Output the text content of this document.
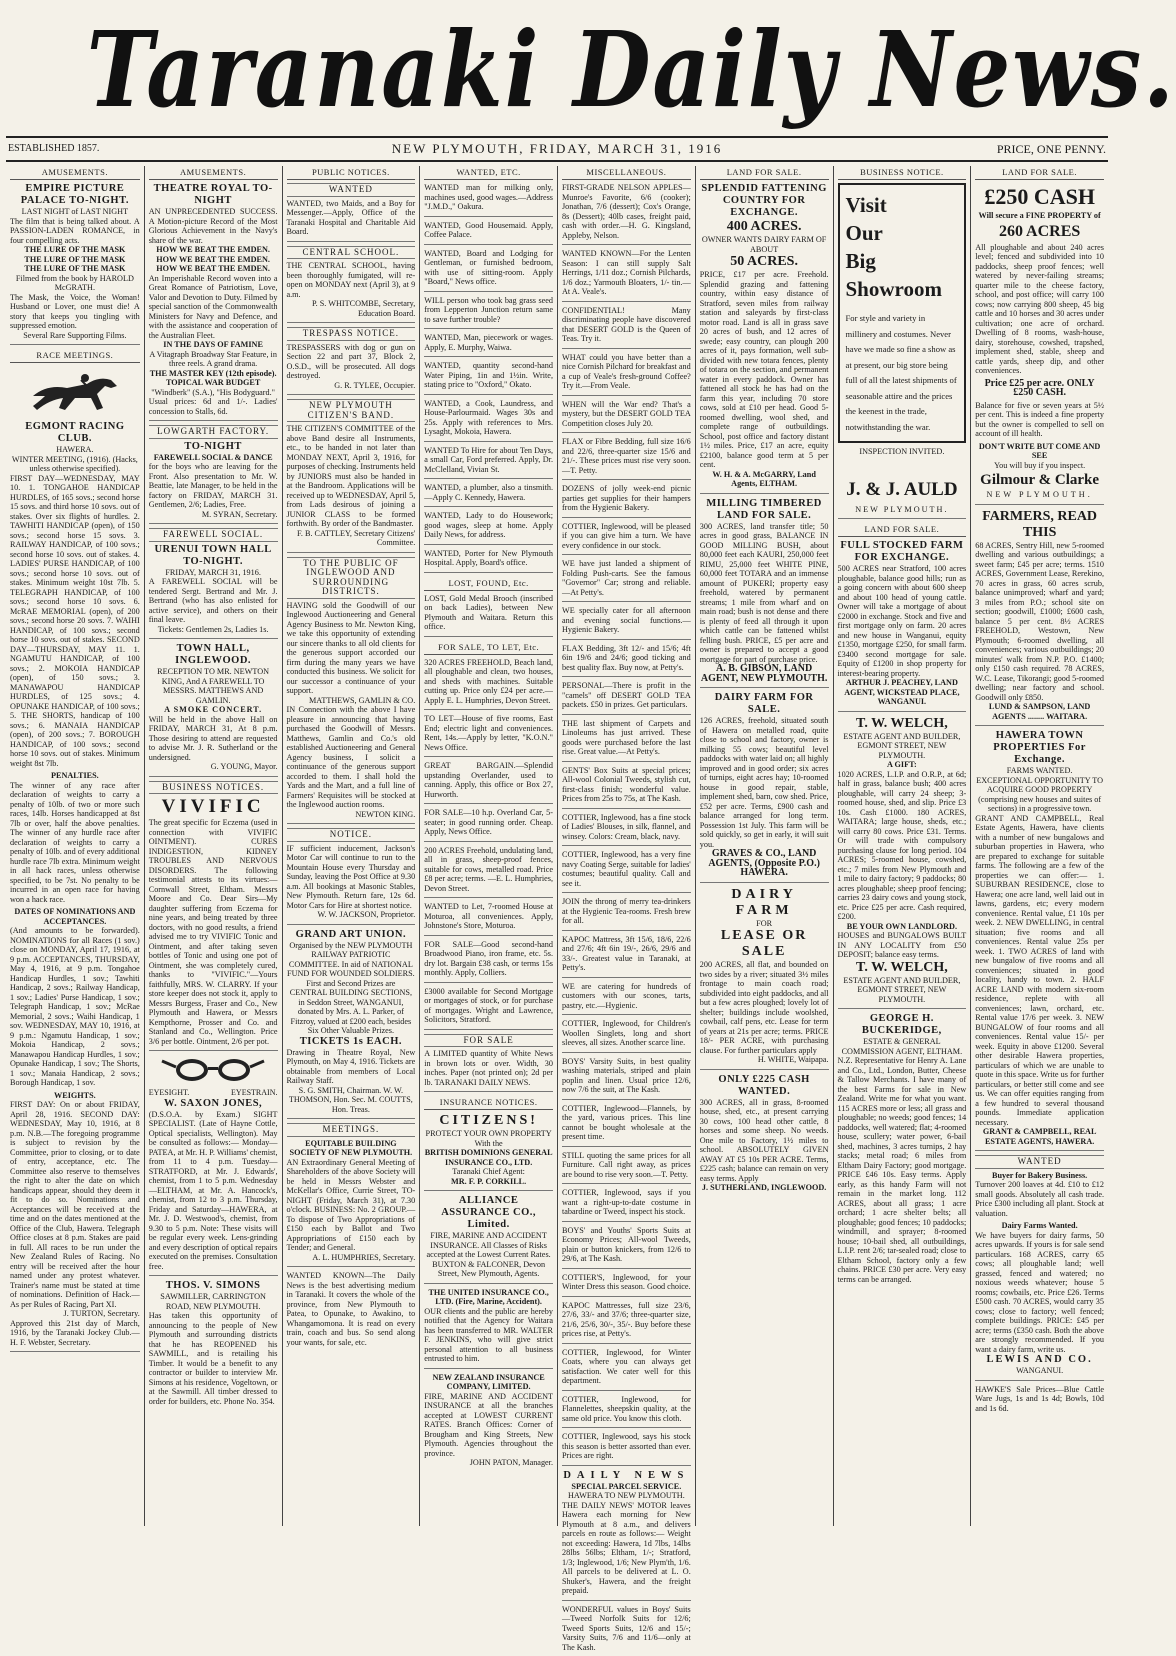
Taranaki Daily News.
ESTABLISHED 1857.	NEW PLYMOUTH, FRIDAY, MARCH 31, 1916	PRICE, ONE PENNY.
AMUSEMENTS.
EMPIRE PICTURE PALACE TO-NIGHT.
LAST NIGHT of LAST NIGHT
The film that is being talked about. A PASSION-LADEN ROMANCE, in four compelling acts.
THE LURE OF THE MASK
THE LURE OF THE MASK
THE LURE OF THE MASK
Filmed from the book by HAROLD McGRATH.
The Mask, the Voice, the Woman! Husband or Lover, one must die! A story that keeps you tingling with suppressed emotion.
Several Rare Supporting Films.
RACE MEETINGS.
EGMONT RACING CLUB.
HAWERA.
WINTER MEETING, (1916). (Hacks, unless otherwise specified).
FIRST DAY—WEDNESDAY, MAY 10. 1. TONGAHOE HANDICAP HURDLES, of 165 sovs.; second horse 15 sovs. and third horse 10 sovs. out of stakes. Over six flights of hurdles. 2. TAWHITI HANDICAP (open), of 150 sovs.; second horse 15 sovs. 3. RAILWAY HANDICAP, of 100 sovs.; second horse 10 sovs. out of stakes. 4. LADIES' PURSE HANDICAP, of 100 sovs.; second horse 10 sovs. out of stakes. Minimum weight 10st 7lb. 5. TELEGRAPH HANDICAP, of 100 sovs.; second horse 10 sovs. 6. McRAE MEMORIAL (open), of 200 sovs.; second horse 20 sovs. 7. WAIHI HANDICAP, of 100 sovs.; second horse 10 sovs. out of stakes. SECOND DAY—THURSDAY, MAY 11. 1. NGAMUTU HANDICAP, of 100 sovs.; 2. MOKOIA HANDICAP (open), of 150 sovs.; 3. MANAWAPOU HANDICAP HURDLES, of 125 sovs.; 4. OPUNAKE HANDICAP, of 100 sovs.; 5. THE SHORTS, handicap of 100 sovs.; 6. MANAIA HANDICAP (open), of 200 sovs.; 7. BOROUGH HANDICAP, of 100 sovs.; second horse 10 sovs. out of stakes. Minimum weight 8st 7lb.
PENALTIES.
The winner of any race after declaration of weights to carry a penalty of 10lb. of two or more such races, 14lb. Horses handicapped at 8st 7lb or over, half the above penalties. The winner of any hurdle race after declaration of weights to carry a penalty of 10lb. and of every additional hurdle race 7lb extra. Minimum weight in all hack races, unless otherwise specified, to be 7st. No penalty to be incurred in an open race for having won a hack race.
DATES OF NOMINATIONS AND ACCEPTANCES.
(And amounts to be forwarded). NOMINATIONS for all Races (1 sov.) close on MONDAY, April 17, 1916, at 9 p.m. ACCEPTANCES, THURSDAY, May 4, 1916, at 9 p.m. Tongahoe Handicap Hurdles, 1 sov.; Tawhiti Handicap, 2 sovs.; Railway Handicap, 1 sov.; Ladies' Purse Handicap, 1 sov.; Telegraph Handicap, 1 sov.; McRae Memorial, 2 sovs.; Waihi Handicap, 1 sov. WEDNESDAY, MAY 10, 1916, at 9 p.m.: Ngamutu Handicap, 1 sov.; Mokoia Handicap, 2 sovs.; Manawapou Handicap Hurdles, 1 sov.; Opunake Handicap, 1 sov.; The Shorts, 1 sov.; Manaia Handicap, 2 sovs.; Borough Handicap, 1 sov.
WEIGHTS.
FIRST DAY: On or about FRIDAY, April 28, 1916. SECOND DAY: WEDNESDAY, May 10, 1916, at 8 p.m. N.B.—The foregoing programme is subject to revision by the Committee, prior to closing, or to date of entry, acceptance, etc. The Committee also reserve to themselves the right to alter the date on which handicaps appear, should they deem it fit to do so. Nominations and Acceptances will be received at the time and on the dates mentioned at the Office of the Club, Hawera. Telegraph Office closes at 8 p.m. Stakes are paid in full. All races to be run under the New Zealand Rules of Racing. No entry will be received after the hour named under any protest whatever. Trainer's name must be stated at time of nominations. Definition of Hack.—As per Rules of Racing, Part XI.
J. TURTON, Secretary.
Approved this 21st day of March, 1916, by the Taranaki Jockey Club.—H. F. Webster, Secretary.
AMUSEMENTS.
THEATRE ROYAL TO-NIGHT
AN UNPRECEDENTED SUCCESS. A Motion-picture Record of the Most Glorious Achievement in the Navy's share of the war.
HOW WE BEAT THE EMDEN.
HOW WE BEAT THE EMDEN.
HOW WE BEAT THE EMDEN.
An Imperishable Record woven into a Great Romance of Patriotism, Love, Valor and Devotion to Duty. Filmed by special sanction of the Commonwealth Ministers for Navy and Defence, and with the assistance and cooperation of the Australian Fleet.
IN THE DAYS OF FAMINE
A Vitagraph Broadway Star Feature, in three reels. A grand drama.
THE MASTER KEY (12th episode).
TOPICAL WAR BUDGET
"Windberk" (S.A.), "His Bodyguard."
Usual prices: 6d and 1/-. Ladies' concession to Stalls, 6d.
LOWGARTH FACTORY.
TO-NIGHT
FAREWELL SOCIAL & DANCE
for the boys who are leaving for the Front. Also presentation to Mr. W. Beattie, late Manager, to be held in the factory on FRIDAY, MARCH 31. Gentlemen, 2/6; Ladies, Free.
M. SYRAN, Secretary.
FAREWELL SOCIAL.
URENUI TOWN HALL
TO-NIGHT.
FRIDAY, MARCH 31, 1916.
A FAREWELL SOCIAL will be tendered Sergt. Bertrand and Mr. J. Bertrand (who has also enlisted for active service), and others on their final leave.
Tickets: Gentlemen 2s, Ladies 1s.
TOWN HALL, INGLEWOOD.
RECEPTION TO MR. NEWTON KING, And A FAREWELL TO MESSRS. MATTHEWS AND GAMLIN.
A SMOKE CONCERT.
Will be held in the above Hall on FRIDAY, MARCH 31, At 8 p.m. Those desiring to attend are requested to advise Mr. J. R. Sutherland or the undersigned.
G. YOUNG, Mayor.
BUSINESS NOTICES.
VIVIFIC
The great specific for Eczema (used in connection with VIVIFIC OINTMENT). CURES INDIGESTION, KIDNEY TROUBLES AND NERVOUS DISORDERS. The following testimonial attests to its virtues:— Cornwall Street, Eltham. Messrs Moore and Co. Dear Sirs—My daughter suffering from Eczema for nine years, and being treated by three doctors, with no good results, a friend advised me to try VIVIFIC Tonic and Ointment, and after taking seven bottles of Tonic and using one pot of Ointment, she was completely cured, thanks to "VIVIFIC."—Yours faithfully, MRS. W. CLARRY. If your store keeper does not stock it, apply to Messrs Burgess, Fraser and Co., New Plymouth and Hawera, or Messrs Kempthorne, Prosser and Co. and Stanland and Co., Wellington. Price 3/6 per bottle. Ointment, 2/6 per pot.
EYESIGHT.	EYESTRAIN.
W. SAXON JONES,
(D.S.O.A. by Exam.) SIGHT SPECIALIST. (Late of Hayne Cottle, Optical specialists, Wellington). May be consulted as follows:— Monday—PATEA, at Mr. H. P. Williams' chemist, from 11 to 4 p.m. Tuesday—STRATFORD, at Mr. J. Edwards', chemist, from 1 to 5 p.m. Wednesday—ELTHAM, at Mr. A. Hancock's, chemist, from 12 to 3 p.m. Thursday, Friday and Saturday—HAWERA, at Mr. J. D. Westwood's, chemist, from 9.30 to 5 p.m. Note: These visits will be regular every week. Lens-grinding and every description of optical repairs executed on the premises. Consultation free.
THOS. V. SIMONS
SAWMILLER, CARRINGTON ROAD, NEW PLYMOUTH.
Has taken this opportunity of announcing to the people of New Plymouth and surrounding districts that he has REOPENED his SAWMILL, and is retailing his Timber. It would be a benefit to any contractor or builder to interview Mr. Simons at his residence, Vogeltown, or at the Sawmill. All timber dressed to order for builders, etc. Phone No. 354.
PUBLIC NOTICES.
WANTED
WANTED, two Maids, and a Boy for Messenger.—Apply, Office of the Taranaki Hospital and Charitable Aid Board.
CENTRAL SCHOOL.
THE CENTRAL SCHOOL, having been thoroughly fumigated, will re-open on MONDAY next (April 3), at 9 a.m.
P. S. WHITCOMBE, Secretary, Education Board.
TRESPASS NOTICE.
TRESPASSERS with dog or gun on Section 22 and part 37, Block 2, O.S.D., will be prosecuted. All dogs destroyed.
G. R. TYLEE, Occupier.
NEW PLYMOUTH CITIZEN'S BAND.
THE CITIZEN'S COMMITTEE of the above Band desire all Instruments, etc., to be handed in not later than MONDAY NEXT, April 3, 1916, for purposes of checking. Instruments held by JUNIORS must also be handed in at the Bandroom. Applications will be received up to WEDNESDAY, April 5, from Lads desirous of joining a JUNIOR CLASS to be formed forthwith. By order of the Bandmaster.
F. B. CATTLEY, Secretary Citizens' Committee.
TO THE PUBLIC OF INGLEWOOD AND SURROUNDING DISTRICTS.
HAVING sold the Goodwill of our Inglewood Auctioneering and General Agency Business to Mr. Newton King, we take this opportunity of extending our sincere thanks to all old clients for the generous support accorded our firm during the many years we have conducted this business. We solicit for our successor a continuance of your support.
MATTHEWS, GAMLIN & CO.
IN Connection with the above I have pleasure in announcing that having purchased the Goodwill of Messrs. Matthews, Gamlin and Co.'s old established Auctioneering and General Agency business, I solicit a continuance of the generous support accorded to them. I shall hold the Yards and the Mart, and a full line of Farmers' Requisites will be stocked at the Inglewood auction rooms.
NEWTON KING.
NOTICE.
IF sufficient inducement, Jackson's Motor Car will continue to run to the Mountain House every Thursday and Sunday, leaving the Post Office at 9.30 a.m. All bookings at Masonic Stables, New Plymouth. Return fare, 12s 6d. Motor Cars for Hire at shortest notice.
W. W. JACKSON, Proprietor.
GRAND ART UNION.
Organised by the NEW PLYMOUTH RAILWAY PATRIOTIC COMMITTEE. In aid of NATIONAL FUND FOR WOUNDED SOLDIERS. First and Second Prizes are CENTRAL BUILDING SECTIONS, in Seddon Street, WANGANUI, donated by Mrs. A. L. Parker, of Fitzroy, valued at £200 each, besides Six Other Valuable Prizes.
TICKETS 1s EACH.
Drawing in Theatre Royal, New Plymouth, on May 4, 1916. Tickets are obtainable from members of Local Railway Staff.
S. G. SMITH, Chairman. W. W. THOMSON, Hon. Sec. M. COUTTS, Hon. Treas.
MEETINGS.
EQUITABLE BUILDING SOCIETY OF NEW PLYMOUTH.
AN Extraordinary General Meeting of Shareholders of the above Society will be held in Messrs Webster and McKellar's Office, Currie Street, TO-NIGHT (Friday, March 31), at 7.30 o'clock. BUSINESS: No. 2 GROUP.—To dispose of Two Appropriations of £150 each by Ballot and Two Appropriations of £150 each by Tender; and General.
A. L. HUMPHRIES, Secretary.
WANTED KNOWN—The Daily News is the best advertising medium in Taranaki. It covers the whole of the province, from New Plymouth to Patea, to Opunake, to Awakino, to Whangamomona. It is read on every train, coach and bus. So send along your wants, for sale, etc.
WANTED, ETC.
WANTED man for milking only, machines used, good wages.—Address "J.M.D.," Oakura.
WANTED, Good Housemaid. Apply, Coffee Palace.
WANTED, Board and Lodging for Gentleman, or furnished bedroom, with use of sitting-room. Apply "Board," News office.
WILL person who took bag grass seed from Lepperton Junction return same to save further trouble?
WANTED, Man, piecework or wages. Apply, E. Murphy, Waiwa.
WANTED, quantity second-hand Water Piping, 1in and 1½in. Write, stating price to "Oxford," Okato.
WANTED, a Cook, Laundress, and House-Parlourmaid. Wages 30s and 25s. Apply with references to Mrs. Lysaght, Mokoia, Hawera.
WANTED To Hire for about Ten Days, a small Car, Ford preferred. Apply, Dr. McClelland, Vivian St.
WANTED, a plumber, also a tinsmith.—Apply C. Kennedy, Hawera.
WANTED, Lady to do Housework; good wages, sleep at home. Apply Daily News, for address.
WANTED, Porter for New Plymouth Hospital. Apply, Board's office.
LOST, FOUND, Etc.
LOST, Gold Medal Brooch (inscribed on back Ladies), between New Plymouth and Waitara. Return this office.
FOR SALE, TO LET, Etc.
320 ACRES FREEHOLD, Beach land, all ploughable and clean, two houses, and sheds with machines. Suitable cutting up. Price only £24 per acre.—Apply E. L. Humphries, Devon Street.
TO LET—House of five rooms, East End; electric light and conveniences. Rent, 14s.—Apply by letter, "K.O.N." News Office.
GREAT BARGAIN.—Splendid upstanding Overlander, used to canning. Apply, this office or Box 27, Hurworth.
FOR SALE—10 h.p. Overland Car, 5-seater; in good running order. Cheap. Apply, News Office.
200 ACRES Freehold, undulating land, all in grass, sheep-proof fences, suitable for cows, metalled road. Price £8 per acre; terms. —E. L. Humphries, Devon Street.
WANTED to Let, 7-roomed House at Moturoa, all conveniences. Apply, Johnstone's Store, Moturoa.
FOR SALE—Good second-hand Broadwood Piano, iron frame, etc. 5s. dry lot. Bargain £38 cash, or terms 15s monthly. Apply, Colliers.
£3000 available for Second Mortgage or mortgages of stock, or for purchase of mortgages. Wright and Lawrence, Solicitors, Stratford.
FOR SALE
A LIMITED quantity of White News in brown lots or over. Width, 30 inches. Paper (not printed on); 2d per lb. TARANAKI DAILY NEWS.
INSURANCE NOTICES.
CITIZENS!
PROTECT YOUR OWN PROPERTY
With the
BRITISH DOMINIONS GENERAL INSURANCE CO., LTD.
Taranaki Chief Agent:
MR. F. P. CORKILL.
ALLIANCE ASSURANCE CO., Limited.
FIRE, MARINE AND ACCIDENT INSURANCE. All Classes of Risks accepted at the Lowest Current Rates.
BUXTON & FALCONER, Devon Street, New Plymouth, Agents.
THE UNITED INSURANCE CO., LTD. (Fire, Marine, Accident).
OUR clients and the public are hereby notified that the Agency for Waitara has been transferred to MR. WALTER F. JENKINS, who will give strict personal attention to all business entrusted to him.
NEW ZEALAND INSURANCE COMPANY, LIMITED.
FIRE, MARINE AND ACCIDENT INSURANCE at all the branches accepted at LOWEST CURRENT RATES. Branch Offices: Corner of Brougham and King Streets, New Plymouth. Agencies throughout the province.
JOHN PATON, Manager.
MISCELLANEOUS.
FIRST-GRADE NELSON APPLES—Munroe's Favorite, 6/6 (cooker); Jonathan, 7/6 (dessert); Cox's Orange, 8s (Dessert); 40lb cases, freight paid, cash with order.—H. G. Kingsland, Appleby, Nelson.
WANTED KNOWN—For the Lenten Season: I can still supply Salt Herrings, 1/11 doz.; Cornish Pilchards, 1/6 doz.; Yarmouth Bloaters, 1/- tin.—At A. Veale's.
CONFIDENTIAL! Many discriminating people have discovered that DESERT GOLD is the Queen of Teas. Try it.
WHAT could you have better than a nice Cornish Pilchard for breakfast and a cup of Veale's fresh-ground Coffee? Try it.—From Veale.
WHEN will the War end? That's a mystery, but the DESERT GOLD TEA Competition closes July 20.
FLAX or Fibre Bedding, full size 16/6 and 22/6, three-quarter size 15/6 and 21/-. These prices must rise very soon.—T. Petty.
DOZENS of jolly week-end picnic parties get supplies for their hampers from the Hygienic Bakery.
COTTIER, Inglewood, will be pleased if you can give him a turn. We have every confidence in our stock.
WE have just landed a shipment of Folding Push-carts. See the famous "Governor" Car; strong and reliable. —At Petty's.
WE specially cater for all afternoon and evening social functions.—Hygienic Bakery.
FLAX Bedding, 3ft 12/- and 15/6; 4ft 6in 19/6 and 24/6; good ticking and best quality flax. Buy now, at Petty's.
PERSONAL—There is profit in the "camels" off DESERT GOLD TEA packets. £50 in prizes. Get particulars.
THE last shipment of Carpets and Linoleums has just arrived. These goods were purchased before the last rise. Great value.—At Petty's.
GENTS' Box Suits at special prices; All-wool Colonial Tweeds, stylish cut, first-class finish; wonderful value. Prices from 25s to 75s, at The Kash.
COTTIER, Inglewood, has a fine stock of Ladies' Blouses, in silk, flannel, and winsey. Colors: Cream, black, navy.
COTTIER, Inglewood, has a very fine navy Coating Serge, suitable for ladies' costumes; beautiful quality. Call and see it.
JOIN the throng of merry tea-drinkers at the Hygienic Tea-rooms. Fresh brew for all.
KAPOC Mattress, 3ft 15/6, 18/6, 22/6 and 27/6; 4ft 6in 19/-, 26/6, 29/6 and 33/-. Greatest value in Taranaki, at Petty's.
WE are catering for hundreds of customers with our scones, tarts, pastry, etc.—Hygienic.
COTTIER, Inglewood, for Children's Woollen Singlets, long and short sleeves, all sizes. Another scarce line.
BOYS' Varsity Suits, in best quality washing materials, striped and plain poplin and linen. Usual price 12/6, now 7/6 the suit, at The Kash.
COTTIER, Inglewood—Flannels, by the yard, various prices. This line cannot be bought wholesale at the present time.
STILL quoting the same prices for all Furniture. Call right away, as prices are bound to rise very soon.—T. Petty.
COTTIER, Inglewood, says if you want a right-up-to-date costume in tabardine or Tweed, inspect his stock.
BOYS' and Youths' Sports Suits at Economy Prices; All-wool Tweeds, plain or button knickers, from 12/6 to 29/6, at The Kash.
COTTIER'S, Inglewood, for your Winter Dress this season. Good choice.
KAPOC Mattresses, full size 23/6, 27/6, 33/- and 37/6; three-quarter size, 21/6, 25/6, 30/-, 35/-. Buy before these prices rise, at Petty's.
COTTIER, Inglewood, for Winter Coats, where you can always get satisfaction. We cater well for this department.
COTTIER, Inglewood, for Flannelettes, sheepskin quality, at the same old price. You know this cloth.
COTTIER, Inglewood, says his stock this season is better assorted than ever. Prices are right.
DAILY NEWS
SPECIAL PARCEL SERVICE.
HAWERA TO NEW PLYMOUTH.
THE DAILY NEWS' MOTOR leaves Hawera each morning for New Plymouth at 8 a.m., and delivers parcels en route as follows:— Weight not exceeding: Hawera, 1d 7lbs, 14lbs 28lbs 56lbs; Eltham, 1/-; Stratford, 1/3; Inglewood, 1/6; New Plym'th, 1/6. All parcels to be delivered at L. O. Shuker's, Hawera, and the freight prepaid.
WONDERFUL values in Boys' Suits—Tweed Norfolk Suits for 12/6; Tweed Sports Suits, 12/6 and 15/-; Varsity Suits, 7/6 and 11/6—only at The Kash.
LAND FOR SALE.
SPLENDID FATTENING COUNTRY FOR EXCHANGE.
400 ACRES.
OWNER WANTS DAIRY FARM OF ABOUT
50 ACRES.
PRICE, £17 per acre. Freehold. Splendid grazing and fattening country, within easy distance of Stratford, seven miles from railway station and saleyards by first-class motor road. Land is all in grass save 20 acres of bush, and 12 acres of swede; easy country, can plough 200 acres of it, pays formation, well sub-divided with new totara fences, plenty of totara on the section, and permanent water in every paddock. Owner has fattened all stock he has had on the farm this year, including 70 store cows, sold at £10 per head. Good 5-roomed dwelling, wool shed, and complete range of outbuildings. School, post office and factory distant 1½ miles. Price, £17 an acre, equity £2100, balance good term at 5 per cent.
W. H. & A. McGARRY, Land Agents, ELTHAM.
MILLING TIMBERED LAND FOR SALE.
300 ACRES, land transfer title; 50 acres in good grass, BALANCE IN GOOD MILLING BUSH, about 80,000 feet each KAURI, 250,000 feet RIMU, 25,000 feet WHITE PINE, 60,000 feet TOTARA and an immense amount of PUKERI; property easy freehold, watered by permanent streams; 1 mile from wharf and on main road; bush is not dense and there is plenty of feed all through it upon which cattle can be fattened whilst felling bush. PRICE, £5 per acre and owner is prepared to accept a good mortgage for part of purchase price.
A. B. GIBSON, LAND AGENT, NEW PLYMOUTH.
DAIRY FARM FOR SALE.
126 ACRES, freehold, situated south of Hawera on metalled road, quite close to school and factory, owner is milking 55 cows; beautiful level paddocks with water laid on; all highly improved and in good order; six acres of turnips, eight acres hay; 10-roomed house in good repair, stable, implement shed, barn, cow shed. Price, £52 per acre. Terms, £900 cash and balance arranged for long term. Possession 1st July. This farm will be sold quickly, so get in early, it will suit you.
GRAVES & CO., LAND AGENTS, (Opposite P.O.) HAWERA.
DAIRY FARM
FOR
LEASE OR SALE
200 ACRES, all flat, and bounded on two sides by a river; situated 3½ miles frontage to main coach road; subdivided into eight paddocks, and all but a few acres ploughed; lovely lot of shelter; buildings include woolshed, cowbail, calf pens, etc. Lease for term of years at 21s per acre; terms. PRICE 18/- PER ACRE, with purchasing clause. For further particulars apply
H. WHITE, Waipapa.
ONLY £225 CASH WANTED.
300 ACRES, all in grass, 8-roomed house, shed, etc., at present carrying 30 cows, 100 head other cattle, 8 horses and some sheep. No weeds. One mile to Factory, 1½ miles to school. ABSOLUTELY GIVEN AWAY AT £5 10s PER ACRE. Terms, £225 cash; balance can remain on very easy terms. Apply
J. SUTHERLAND, INGLEWOOD.
BUSINESS NOTICE.
Visit
Our
Big
Showroom
For style and variety in millinery and costumes. Never have we made so fine a show as at present, our big store being full of all the latest shipments of seasonable attire and the prices the keenest in the trade, notwithstanding the war.
INSPECTION INVITED.
J. & J. AULD
NEW PLYMOUTH.
LAND FOR SALE.
FULL STOCKED FARM FOR EXCHANGE.
500 ACRES near Stratford, 100 acres ploughable, balance good hills; run as a going concern with about 600 sheep and about 100 head of young cattle. Owner will take a mortgage of about £2000 in exchange. Stock and five and first mortgage only on farm. 20 acres and new house in Wanganui, equity £1350, mortgage £250, for small farm. £3400 second mortgage for sale. Equity of £1200 in shop property for interest-bearing property.
ARTHUR J. PEACHEY, LAND AGENT, WICKSTEAD PLACE, WANGANUI.
T. W. WELCH,
ESTATE AGENT AND BUILDER, EGMONT STREET, NEW PLYMOUTH.
A GIFT:
1020 ACRES, L.I.P. and O.R.P., at 6d; half in grass, balance bush; 400 acres ploughable, will carry 24 sheep; 3-roomed house, shed, and slip. Price £3 10s. Cash £1000. 180 ACRES, WAITARA; large house, sheds, etc.; will carry 80 cows. Price £31. Terms. Or will trade with compulsory purchasing clause for long period. 104 ACRES; 5-roomed house, cowshed, etc.; 7 miles from New Plymouth and 1 mile to dairy factory; 9 paddocks; 80 acres ploughable; sheep proof fencing; carries 23 dairy cows and young stock, etc. Price £25 per acre. Cash required, £200.
BE YOUR OWN LANDLORD.
HOUSES and BUNGALOWS BUILT IN ANY LOCALITY from £50 DEPOSIT; balance easy terms.
T. W. WELCH,
ESTATE AGENT AND BUILDER, EGMONT STREET, NEW PLYMOUTH.
GEORGE H. BUCKERIDGE,
ESTATE & GENERAL COMMISSION AGENT, ELTHAM.
N.Z. Representative for Henry A. Lane and Co., Ltd., London, Butter, Cheese & Tallow Merchants. I have many of the best Farms for sale in New Zealand. Write me for what you want. 115 ACRES more or less; all grass and ploughable; no weeds; good fences; 14 paddocks, well watered; flat; 4-roomed house, scullery; water power, 6-bail shed, machines, 3 acres turnips, 2 hay stacks; metal road; 6 miles from Eltham Dairy Factory; good mortgage. PRICE £46 10s. Easy terms. Apply early, as this handy Farm will not remain in the market long. 112 ACRES, about all grass; 1 acre orchard; 1 acre shelter belts; all ploughable; good fences; 10 paddocks; windmill, and sprayer; 8-roomed house; 10-bail shed, all outbuildings, L.I.P. rent 2/6; tar-sealed road; close to Eltham School, factory only a few chains. PRICE £30 per acre. Very easy terms can be arranged.
LAND FOR SALE.
£250 CASH
Will secure a FINE PROPERTY of
260 ACRES
All ploughable and about 240 acres level; fenced and subdivided into 10 paddocks, sheep proof fences; well watered by never-failing streams; quarter mile to the cheese factory, school, and post office; will carry 100 cows; now carrying 800 sheep, 45 big cattle and 10 horses and 30 acres under cultivation; one acre of orchard. Dwelling of 8 rooms, wash-house, dairy, storehouse, cowshed, trapshed, implement shed, stable, sheep and cattle yards, sheep dip, and other conveniences.
Price £25 per acre. ONLY £250 CASH.
Balance for five or seven years at 5½ per cent. This is indeed a fine property but the owner is compelled to sell on account of ill health.
DON'T WRITE BUT COME AND SEE
You will buy if you inspect.
Gilmour & Clarke
NEW PLYMOUTH.
FARMERS, READ THIS
68 ACRES, Sentry Hill, new 5-roomed dwelling and various outbuildings; a sweet farm; £45 per acre; terms. 1510 ACRES, Government Lease, Rerekino, 70 acres in grass, 60 acres scrub, balance unimproved; wharf and yard; 3 miles from P.O.; school site on section; goodwill, £1000; £600 cash, balance 5 per cent. 8½ ACRES FREEHOLD, Westown, New Plymouth; 6-roomed dwelling, all conveniences; various outbuildings; 20 minutes' walk from N.P. P.O. £1400; only £150 cash required. 78 ACRES, W.C. Lease, Tikorangi; good 5-roomed dwelling; near factory and school. Goodwill only £850.
LUND & SAMPSON, LAND AGENTS ........ WAITARA.
HAWERA TOWN PROPERTIES For Exchange.
FARMS WANTED.
EXCEPTIONAL OPPORTUNITY TO ACQUIRE GOOD PROPERTY (comprising new houses and suites of sections) in a progressive town.
GRANT AND CAMPBELL, Real Estate Agents, Hawera, have clients with a number of new bungalows and suburban properties in Hawera, who are prepared to exchange for suitable farms. The following are a few of the properties we can offer:— 1. SUBURBAN RESIDENCE, close to Hawera; one acre land, well laid out in lawns, gardens, etc; every modern convenience. Rental value, £1 10s per week. 2. NEW DWELLING, in central situation; five rooms and all conveniences. Rental value 25s per week. 1. TWO ACRES of land with new bungalow of five rooms and all conveniences; situated in good locality, handy to town. 2. HALF ACRE LAND with modern six-room residence, replete with all conveniences; lawn, orchard, etc. Rental value 17/6 per week. 3. NEW BUNGALOW of four rooms and all conveniences. Rental value 15/- per week. Equity in above £1200. Several other desirable Hawera properties, particulars of which we are unable to quote in this space. Write us for further particulars, or better still come and see us. We can offer equities ranging from a few hundred to several thousand pounds. Immediate application necessary.
GRANT & CAMPBELL, REAL ESTATE AGENTS, HAWERA.
WANTED
Buyer for Bakery Business.
Turnover 200 loaves at 4d. £10 to £12 small goods. Absolutely all cash trade. Price £300 including all plant. Stock at valuation.
Dairy Farms Wanted.
We have buyers for dairy farms, 50 acres upwards. If yours is for sale send particulars. 168 ACRES, carry 65 cows; all ploughable land; well grassed, fenced and watered; no noxious weeds whatever; house 5 rooms; cowbails, etc. Price £26. Terms £500 cash. 70 ACRES, would carry 35 cows; close to factory; well fenced; complete buildings. PRICE: £45 per acre; terms (£350 cash. Both the above are strongly recommended. If you want a dairy farm, write us.
LEWIS AND CO.
WANGANUI.
HAWKE'S Sale Prices—Blue Cattle Ware Jugs, 1s and 1s 4d; Bowls, 10d and 1s 6d.
